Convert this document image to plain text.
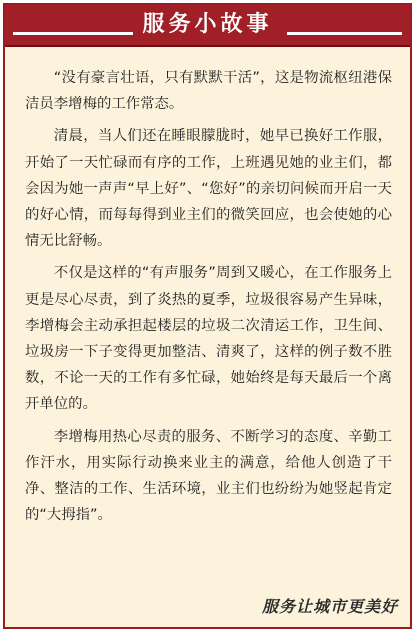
服务小故事

“没有豪言壮语，只有默默干活”，这是物流枢纽港保洁员李增梅的工作常态。

清晨，当人们还在睡眼朦胧时，她早已换好工作服，开始了一天忙碌而有序的工作，上班遇见她的业主们，都会因为她一声声“早上好”、“您好”的亲切问候而开启一天的好心情，而每每得到业主们的微笑回应，也会使她的心情无比舒畅。

不仅是这样的“有声服务”周到又暖心，在工作服务上更是尽心尽责，到了炎热的夏季，垃圾很容易产生异味，李增梅会主动承担起楼层的垃圾二次清运工作，卫生间、垃圾房一下子变得更加整洁、清爽了，这样的例子数不胜数，不论一天的工作有多忙碌，她始终是每天最后一个离开单位的。

李增梅用热心尽责的服务、不断学习的态度、辛勤工作汗水，用实际行动换来业主的满意，给他人创造了干净、整洁的工作、生活环境，业主们也纷纷为她竖起肯定的“大拇指”。

服务让城市更美好
